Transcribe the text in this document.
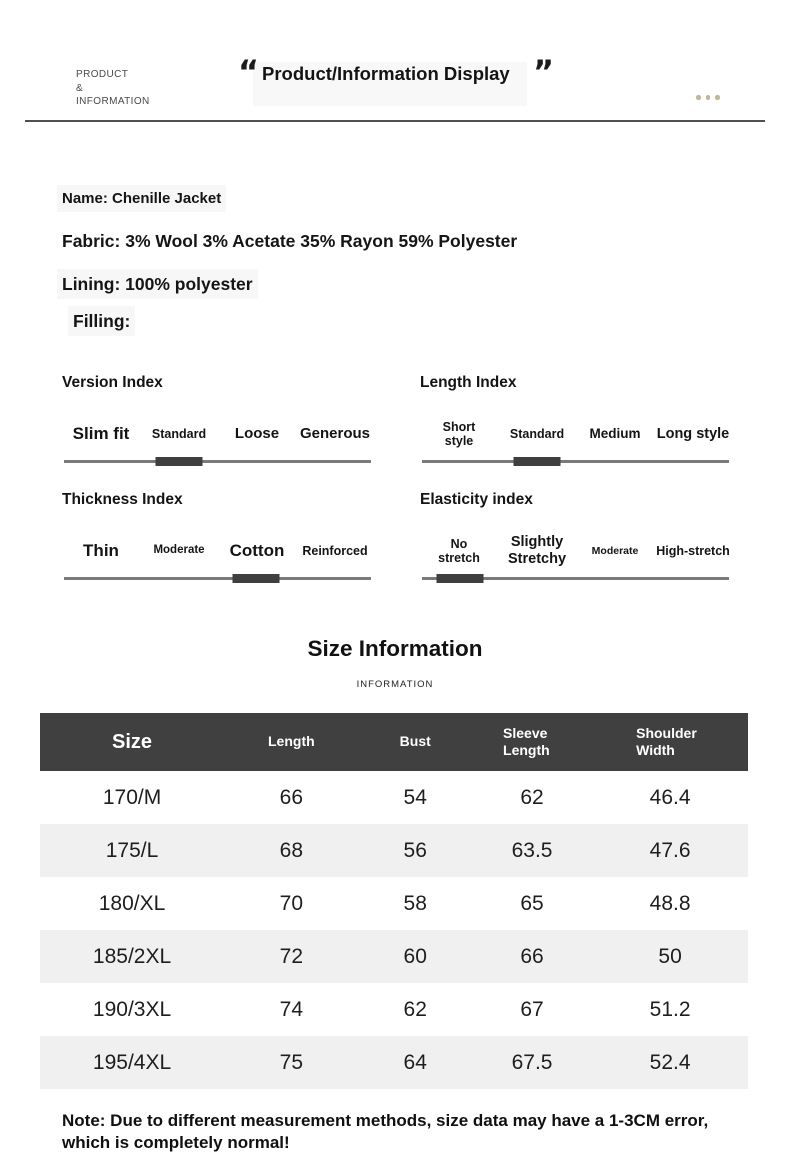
PRODUCT
&
INFORMATION
“ Product/Information Display ”
Name: Chenille Jacket
Fabric: 3% Wool 3% Acetate 35% Rayon 59% Polyester
Lining: 100% polyester
Filling:
Version Index
Slim fit Standard Loose Generous
Length Index
Short style
Standard Medium Long style
Thickness Index
Thin	Moderate Cotton Reinforced
Elasticity index
No stretch
Slightly Stretchy
Moderate High-stretch
Size Information
INFORMATION
Size	Length	Bust	Sleeve Length	Shoulder Width
170/M	66	54	62	46.4
175/L	68	56	63.5	47.6
180/XL	70	58	65	48.8
185/2XL	72	60	66	50
190/3XL	74	62	67	51.2
195/4XL	75	64	67.5	52.4
Note: Due to different measurement methods, size data may have a 1-3CM error, which is completely normal!
